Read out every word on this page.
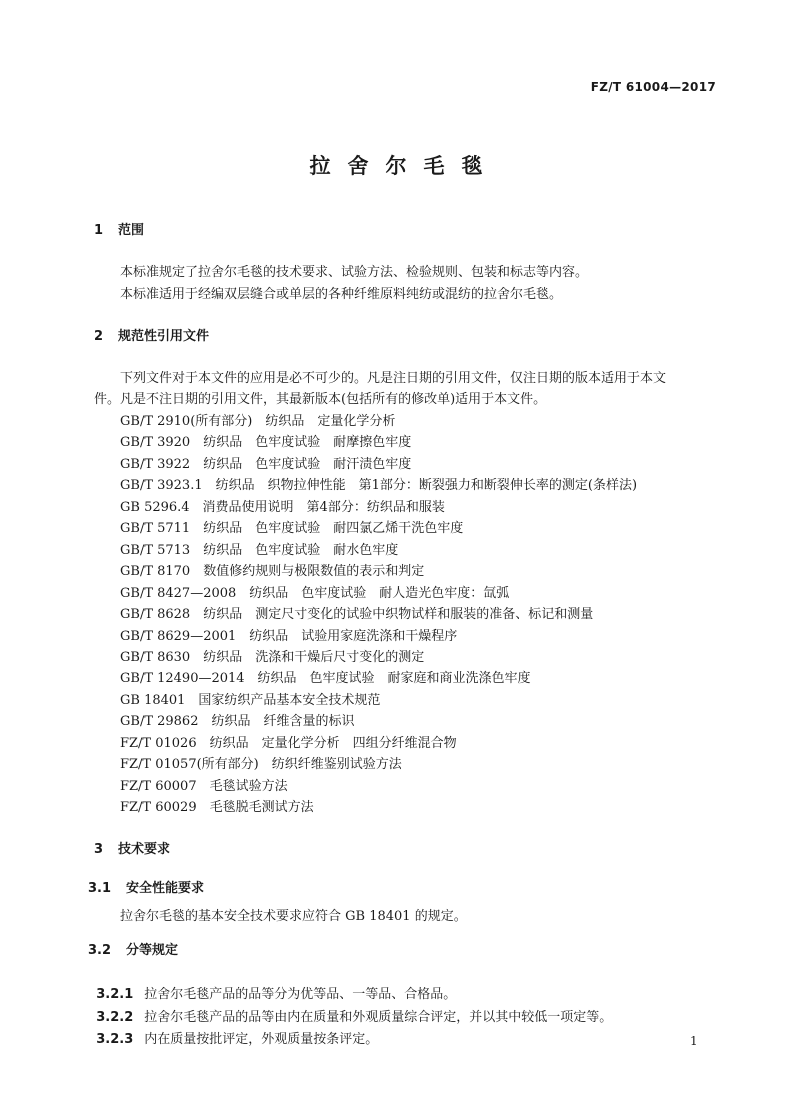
FZ/T 61004—2017
拉舍尔毛毯
1 范围
本标准规定了拉舍尔毛毯的技术要求、试验方法、检验规则、包装和标志等内容。
本标准适用于经编双层缝合或单层的各种纤维原料纯纺或混纺的拉舍尔毛毯。
2 规范性引用文件
下列文件对于本文件的应用是必不可少的。凡是注日期的引用文件，仅注日期的版本适用于本文
件。凡是不注日期的引用文件，其最新版本(包括所有的修改单)适用于本文件。
GB/T 2910(所有部分)　纺织品　定量化学分析
GB/T 3920　纺织品　色牢度试验　耐摩擦色牢度
GB/T 3922　纺织品　色牢度试验　耐汗渍色牢度
GB/T 3923.1　纺织品　织物拉伸性能　第1部分：断裂强力和断裂伸长率的测定(条样法)
GB 5296.4　消费品使用说明　第4部分：纺织品和服装
GB/T 5711　纺织品　色牢度试验　耐四氯乙烯干洗色牢度
GB/T 5713　纺织品　色牢度试验　耐水色牢度
GB/T 8170　数值修约规则与极限数值的表示和判定
GB/T 8427—2008　纺织品　色牢度试验　耐人造光色牢度：氙弧
GB/T 8628　纺织品　测定尺寸变化的试验中织物试样和服装的准备、标记和测量
GB/T 8629—2001　纺织品　试验用家庭洗涤和干燥程序
GB/T 8630　纺织品　洗涤和干燥后尺寸变化的测定
GB/T 12490—2014　纺织品　色牢度试验　耐家庭和商业洗涤色牢度
GB 18401　国家纺织产品基本安全技术规范
GB/T 29862　纺织品　纤维含量的标识
FZ/T 01026　纺织品　定量化学分析　四组分纤维混合物
FZ/T 01057(所有部分)　纺织纤维鉴别试验方法
FZ/T 60007　毛毯试验方法
FZ/T 60029　毛毯脱毛测试方法
3 技术要求
3.1 安全性能要求
拉舍尔毛毯的基本安全技术要求应符合 GB 18401 的规定。
3.2 分等规定

3.2.1 拉舍尔毛毯产品的品等分为优等品、一等品、合格品。

3.2.2 拉舍尔毛毯产品的品等由内在质量和外观质量综合评定，并以其中较低一项定等。

3.2.3 内在质量按批评定，外观质量按条评定。	1
